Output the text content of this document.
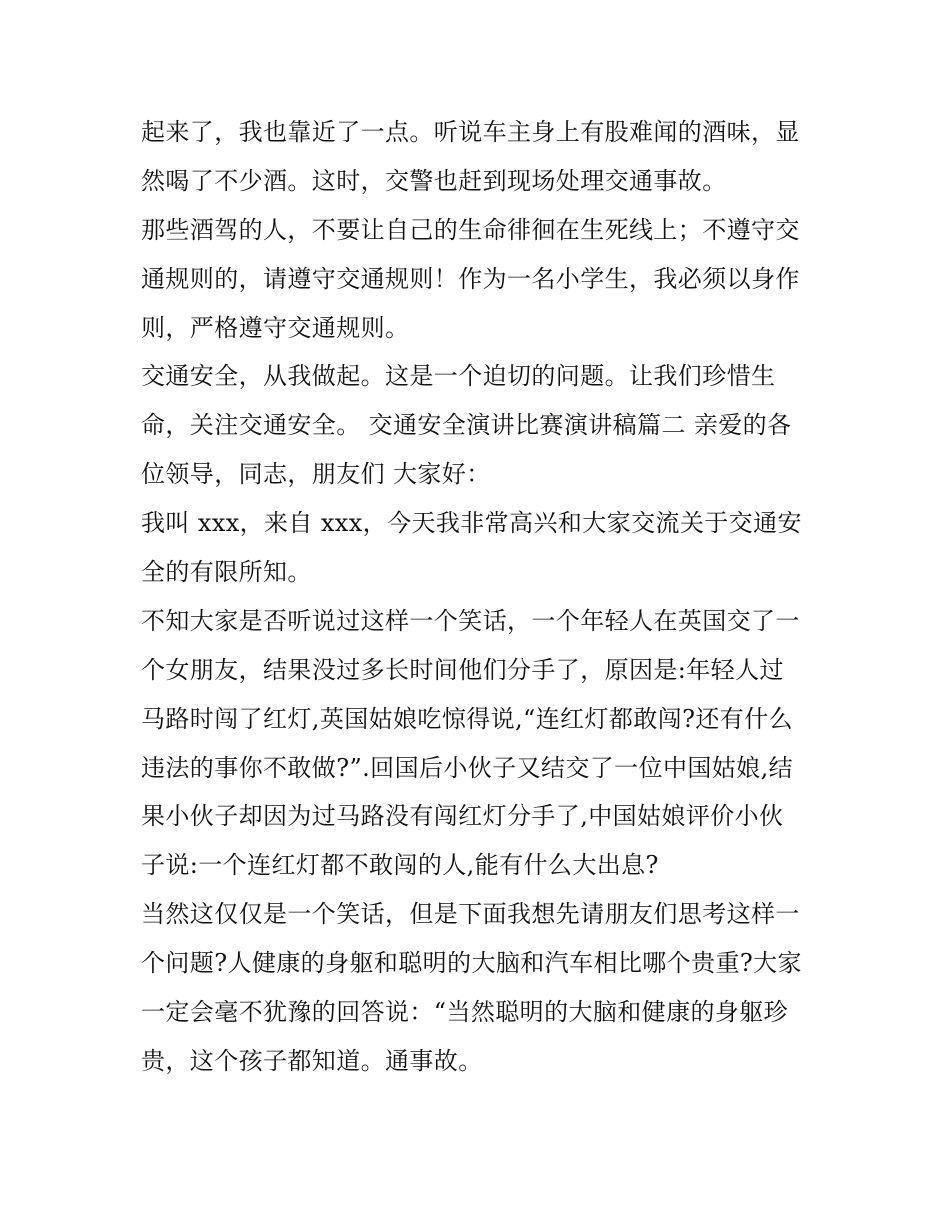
起来了，我也靠近了一点。听说车主身上有股难闻的酒味，显
然喝了不少酒。这时，交警也赶到现场处理交通事故。
那些酒驾的人，不要让自己的生命徘徊在生死线上；不遵守交
通规则的，请遵守交通规则！作为一名小学生，我必须以身作
则，严格遵守交通规则。
交通安全，从我做起。这是一个迫切的问题。让我们珍惜生
命，关注交通安全。 交通安全演讲比赛演讲稿篇二 亲爱的各
位领导，同志，朋友们 大家好：
我叫 xxx，来自 xxx，今天我非常高兴和大家交流关于交通安
全的有限所知。
不知大家是否听说过这样一个笑话，一个年轻人在英国交了一
个女朋友，结果没过多长时间他们分手了，原因是:年轻人过
马路时闯了红灯,英国姑娘吃惊得说,“连红灯都敢闯?还有什么
违法的事你不敢做?”.回国后小伙子又结交了一位中国姑娘,结
果小伙子却因为过马路没有闯红灯分手了,中国姑娘评价小伙
子说:一个连红灯都不敢闯的人,能有什么大出息?
当然这仅仅是一个笑话，但是下面我想先请朋友们思考这样一
个问题?人健康的身躯和聪明的大脑和汽车相比哪个贵重?大家
一定会毫不犹豫的回答说：“当然聪明的大脑和健康的身躯珍
贵，这个孩子都知道。通事故。
